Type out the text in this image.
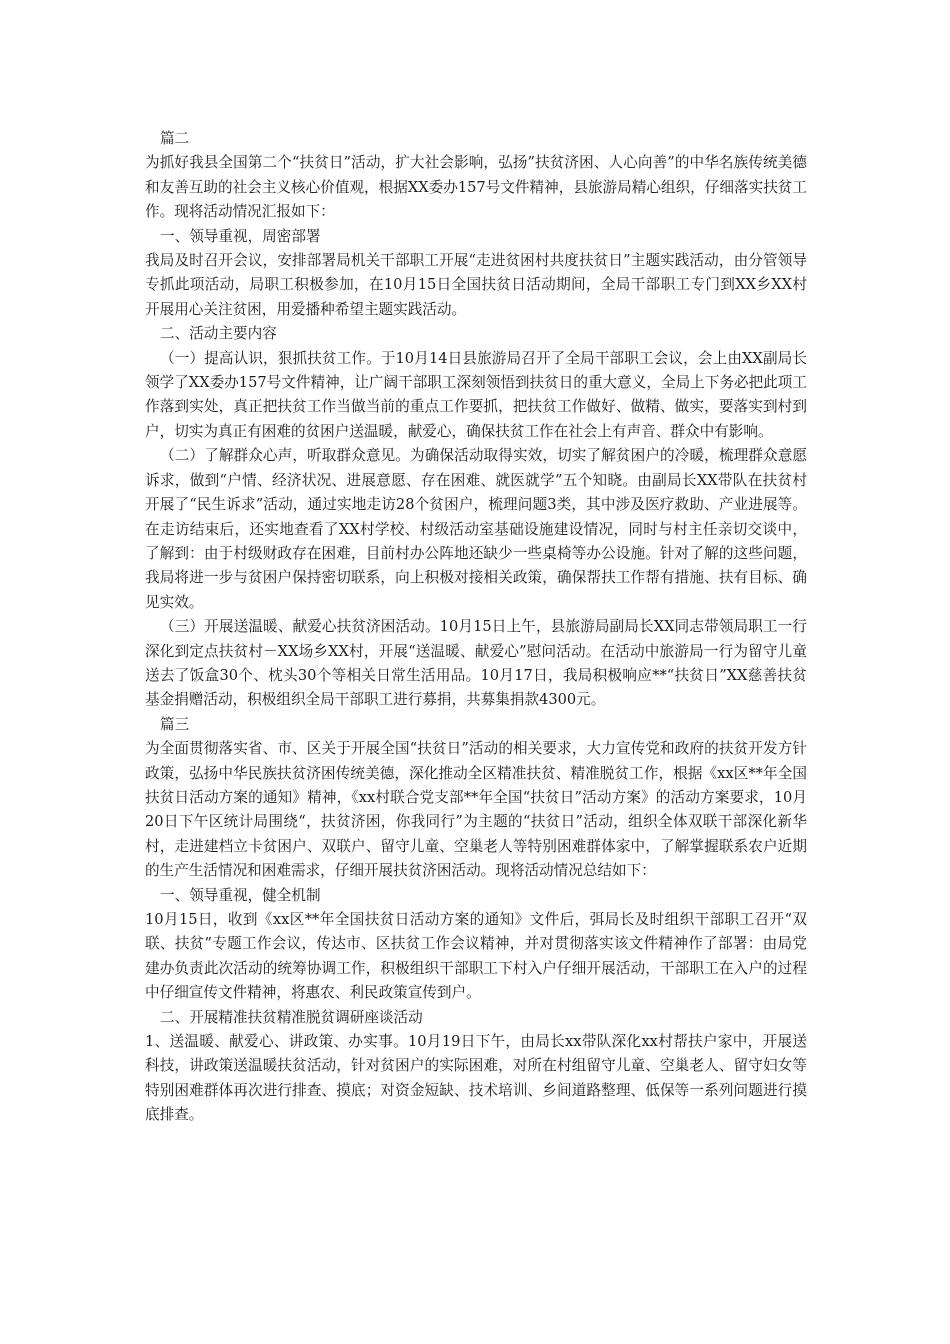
篇二

为抓好我县全国第二个“扶贫日”活动，扩大社会影响，弘扬”扶贫济困、人心向善”的中华名族传统美德和友善互助的社会主义核心价值观，根据XX委办157号文件精神，县旅游局精心组织，仔细落实扶贫工作。现将活动情况汇报如下：

一、领导重视，周密部署

我局及时召开会议，安排部署局机关干部职工开展“走进贫困村共度扶贫日”主题实践活动，由分管领导专抓此项活动，局职工积极参加，在10月15日全国扶贫日活动期间，全局干部职工专门到XX乡XX村开展用心关注贫困，用爱播种希望主题实践活动。

二、活动主要内容

（一）提高认识，狠抓扶贫工作。于10月14日县旅游局召开了全局干部职工会议，会上由XX副局长领学了XX委办157号文件精神，让广阔干部职工深刻领悟到扶贫日的重大意义，全局上下务必把此项工作落到实处，真正把扶贫工作当做当前的重点工作要抓，把扶贫工作做好、做精、做实，要落实到村到户，切实为真正有困难的贫困户送温暖，献爱心，确保扶贫工作在社会上有声音、群众中有影响。

（二）了解群众心声，听取群众意见。为确保活动取得实效，切实了解贫困户的冷暖，梳理群众意愿诉求，做到“户情、经济状况、进展意愿、存在困难、就医就学”五个知晓。由副局长XX带队在扶贫村开展了“民生诉求”活动，通过实地走访28个贫困户，梳理问题3类，其中涉及医疗救助、产业进展等。在走访结束后，还实地查看了XX村学校、村级活动室基础设施建设情况，同时与村主任亲切交谈中，了解到：由于村级财政存在困难，目前村办公阵地还缺少一些桌椅等办公设施。针对了解的这些问题，我局将进一步与贫困户保持密切联系，向上积极对接相关政策，确保帮扶工作帮有措施、扶有目标、确见实效。

（三）开展送温暖、献爱心扶贫济困活动。10月15日上午，县旅游局副局长XX同志带领局职工一行深化到定点扶贫村－XX场乡XX村，开展“送温暖、献爱心”慰问活动。在活动中旅游局一行为留守儿童送去了饭盒30个、枕头30个等相关日常生活用品。10月17日，我局积极响应**“扶贫日”XX慈善扶贫基金捐赠活动，积极组织全局干部职工进行募捐，共募集捐款4300元。

篇三

为全面贯彻落实省、市、区关于开展全国“扶贫日”活动的相关要求，大力宣传党和政府的扶贫开发方针政策，弘扬中华民族扶贫济困传统美德，深化推动全区精准扶贫、精准脱贫工作，根据《xx区**年全国扶贫日活动方案的通知》精神，《xx村联合党支部**年全国“扶贫日”活动方案》的活动方案要求，10月20日下午区统计局围绕“，扶贫济困，你我同行”为主题的“扶贫日”活动，组织全体双联干部深化新华村，走进建档立卡贫困户、双联户、留守儿童、空巢老人等特别困难群体家中，了解掌握联系农户近期的生产生活情况和困难需求，仔细开展扶贫济困活动。现将活动情况总结如下：

一、领导重视，健全机制

10月15日，收到《xx区**年全国扶贫日活动方案的通知》文件后，弭局长及时组织干部职工召开“双联、扶贫”专题工作会议，传达市、区扶贫工作会议精神，并对贯彻落实该文件精神作了部署：由局党建办负责此次活动的统筹协调工作，积极组织干部职工下村入户仔细开展活动，干部职工在入户的过程中仔细宣传文件精神，将惠农、利民政策宣传到户。

二、开展精准扶贫精准脱贫调研座谈活动

1、送温暖、献爱心、讲政策、办实事。10月19日下午，由局长xx带队深化xx村帮扶户家中，开展送科技，讲政策送温暖扶贫活动，针对贫困户的实际困难，对所在村组留守儿童、空巢老人、留守妇女等特别困难群体再次进行排查、摸底；对资金短缺、技术培训、乡间道路整理、低保等一系列问题进行摸底排查。
